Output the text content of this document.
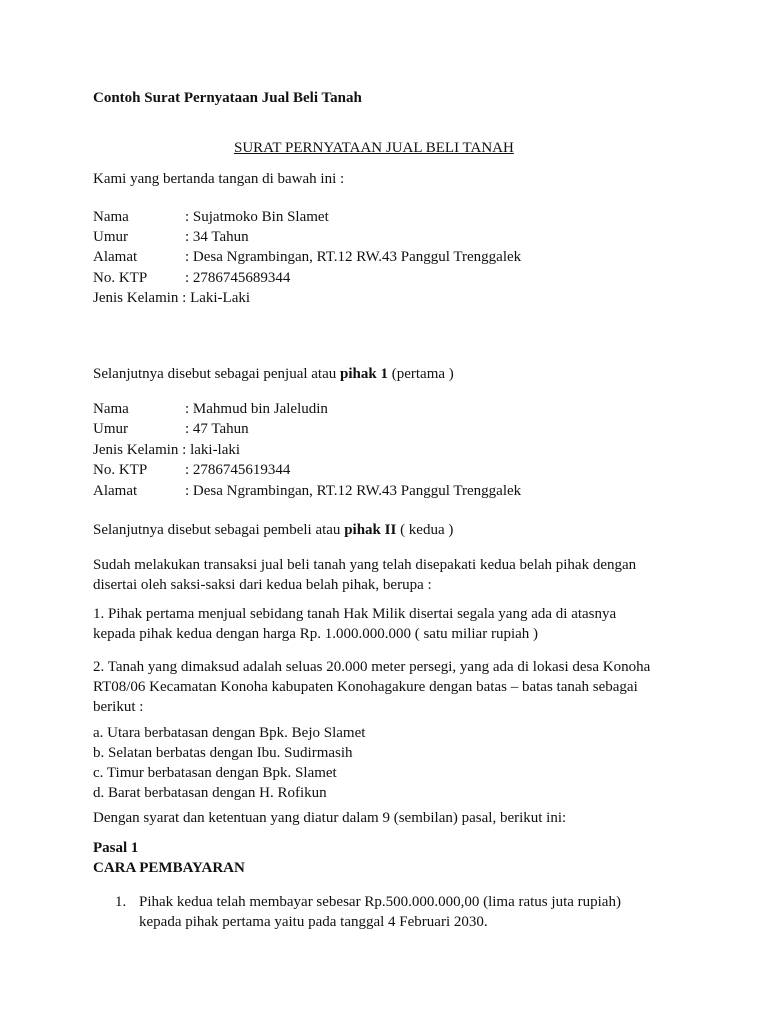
Contoh Surat Pernyataan Jual Beli Tanah
SURAT PERNYATAAN JUAL BELI TANAH
Kami yang bertanda tangan di bawah ini :
Nama	: Sujatmoko Bin Slamet
Umur	: 34 Tahun
Alamat	: Desa Ngrambingan, RT.12 RW.43 Panggul Trenggalek
No. KTP	: 2786745689344
Jenis Kelamin : Laki-Laki
Selanjutnya disebut sebagai penjual atau pihak 1 (pertama )
Nama	: Mahmud bin Jaleludin
Umur	: 47 Tahun
Jenis Kelamin : laki-laki
No. KTP	: 2786745619344
Alamat	: Desa Ngrambingan, RT.12 RW.43 Panggul Trenggalek
Selanjutnya disebut sebagai pembeli atau pihak II ( kedua )
Sudah melakukan transaksi jual beli tanah yang telah disepakati kedua belah pihak dengan
disertai oleh saksi-saksi dari kedua belah pihak, berupa :
1. Pihak pertama menjual sebidang tanah Hak Milik disertai segala yang ada di atasnya
kepada pihak kedua dengan harga Rp. 1.000.000.000 ( satu miliar rupiah )
2. Tanah yang dimaksud adalah seluas 20.000 meter persegi, yang ada di lokasi desa Konoha
RT08/06 Kecamatan Konoha kabupaten Konohagakure dengan batas – batas tanah sebagai
berikut :
a. Utara berbatasan dengan Bpk. Bejo Slamet
b. Selatan berbatas dengan Ibu. Sudirmasih
c. Timur berbatasan dengan Bpk. Slamet
d. Barat berbatasan dengan H. Rofikun
Dengan syarat dan ketentuan yang diatur dalam 9 (sembilan) pasal, berikut ini:
Pasal 1
CARA PEMBAYARAN
1. Pihak kedua telah membayar sebesar Rp.500.000.000,00 (lima ratus juta rupiah)
kepada pihak pertama yaitu pada tanggal 4 Februari 2030.
